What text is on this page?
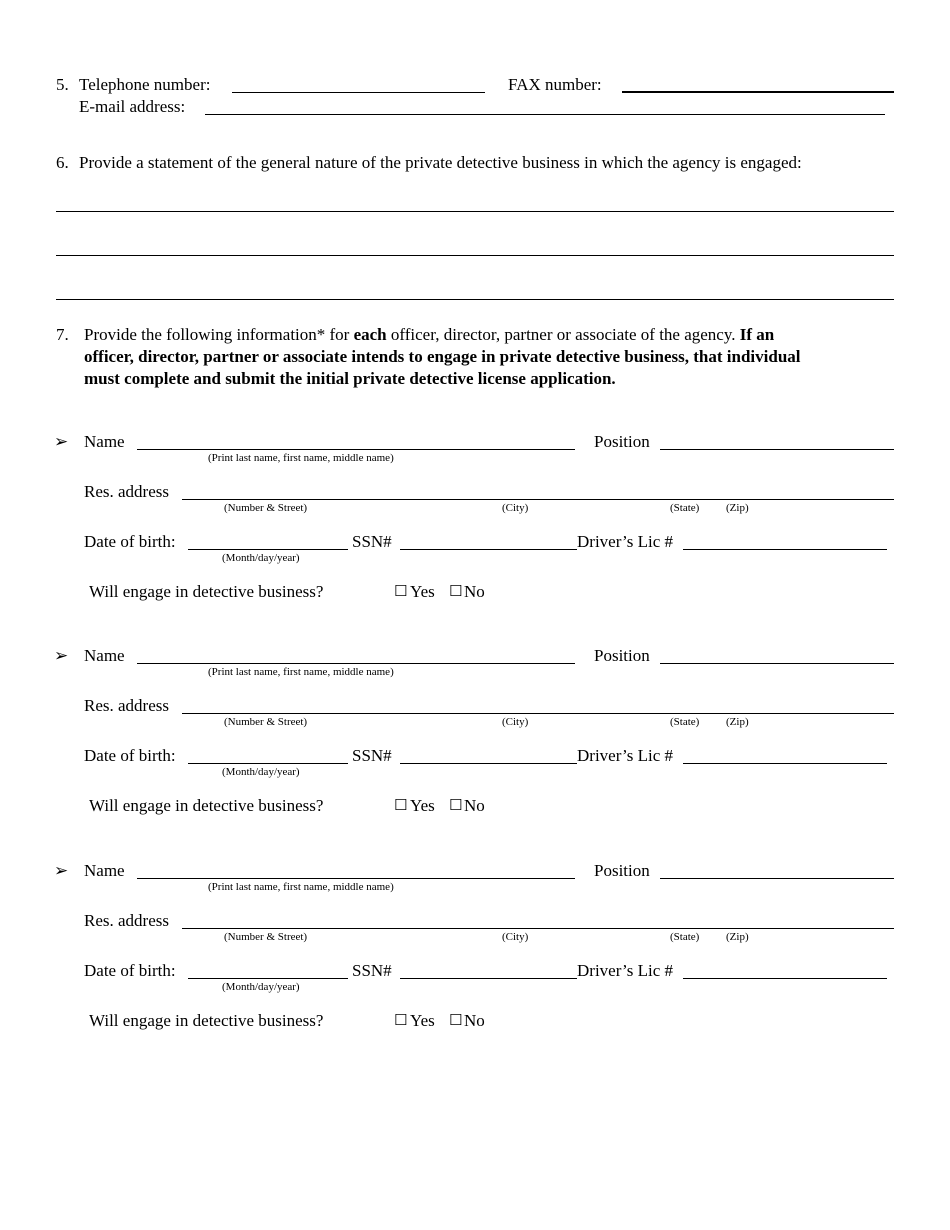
5. Telephone number:	FAX number:
E-mail address:
6. Provide a statement of the general nature of the private detective business in which the agency is engaged:
7. Provide the following information* for each officer, director, partner or associate of the agency. If an
officer, director, partner or associate intends to engage in private detective business, that individual
must complete and submit the initial private detective license application.
➢ Name
(Print last name, first name, middle name)
Position
Res. address
(Number & Street)	(City)	(State) (Zip)
Date of birth:
(Month/day/year)
SSN#	Driver’s Lic #
Will engage in detective business?	☐ Yes ☐ No
➢ Name
(Print last name, first name, middle name)
Position
Res. address
(Number & Street)	(City)	(State) (Zip)
Date of birth:
(Month/day/year)
SSN#	Driver’s Lic #
Will engage in detective business?	☐ Yes ☐ No
➢ Name
(Print last name, first name, middle name)
Position
Res. address
(Number & Street)	(City)	(State) (Zip)
Date of birth:
(Month/day/year)
SSN#	Driver’s Lic #
Will engage in detective business?	☐ Yes ☐ No
